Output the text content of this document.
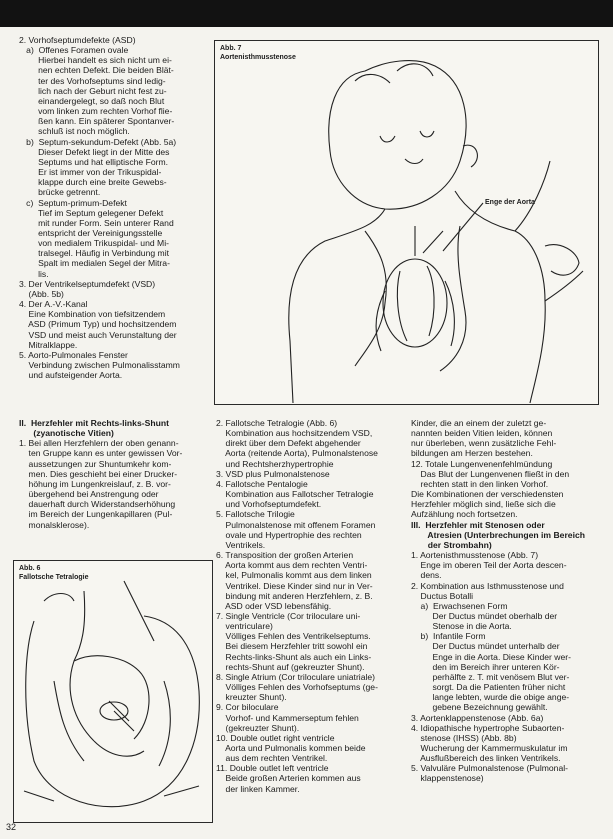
2. Vorhofseptumdefekte (ASD)

a)  Offenes Foramen ovale

Hierbei handelt es sich nicht um ei-

nen echten Defekt. Die beiden Blät-

ter des Vorhofseptums sind ledig-

lich nach der Geburt nicht fest zu-

einandergelegt, so daß noch Blut

vom linken zum rechten Vorhof flie-

ßen kann. Ein späterer Spontanver-

schluß ist noch möglich.

b)  Septum-sekundum-Defekt (Abb. 5a)

Dieser Defekt liegt in der Mitte des

Septums und hat elliptische Form.

Er ist immer von der Trikuspidal-

klappe durch eine breite Gewebs-

brücke getrennt.

c)  Septum-primum-Defekt

Tief im Septum gelegener Defekt

mit runder Form. Sein unterer Rand

entspricht der Vereinigungsstelle

von medialem Trikuspidal- und Mi-

tralsegel. Häufig in Verbindung mit

Spalt im medialen Segel der Mitra-

lis.

3. Der Ventrikelseptumdefekt (VSD)

(Abb. 5b)

4. Der A.-V.-Kanal

Eine Kombination von tiefsitzendem

ASD (Primum Typ) und hochsitzendem

VSD und meist auch Verunstaltung der

Mitralklappe.

5. Aorto-Pulmonales Fenster

Verbindung zwischen Pulmonalisstamm

und aufsteigender Aorta.

II.  Herzfehler mit Rechts-links-Shunt

(zyanotische Vitien)

1. Bei allen Herzfehlern der oben genann-

ten Gruppe kann es unter gewissen Vor-

aussetzungen zur Shuntumkehr kom-

men. Dies geschieht bei einer Drucker-

höhung im Lungenkreislauf, z. B. vor-

übergehend bei Anstrengung oder

dauerhaft durch Widerstandserhöhung

im Bereich der Lungenkapillaren (Pul-

monalsklerose).

2. Fallotsche Tetralogie (Abb. 6)

Kombination aus hochsitzendem VSD,

direkt über dem Defekt abgehender

Aorta (reitende Aorta), Pulmonalstenose

und Rechtsherzhypertrophie

3. VSD plus Pulmonalstenose

4. Fallotsche Pentalogie

Kombination aus Fallotscher Tetralogie

und Vorhofseptumdefekt.

5. Fallotsche Trilogie

Pulmonalstenose mit offenem Foramen

ovale und Hypertrophie des rechten

Ventrikels.

6. Transposition der großen Arterien

Aorta kommt aus dem rechten Ventri-

kel, Pulmonalis kommt aus dem linken

Ventrikel. Diese Kinder sind nur in Ver-

bindung mit anderen Herzfehlern, z. B.

ASD oder VSD lebensfähig.

7. Single Ventricle (Cor triloculare uni-

ventriculare)

Völliges Fehlen des Ventrikelseptums.

Bei diesem Herzfehler tritt sowohl ein

Rechts-links-Shunt als auch ein Links-

rechts-Shunt auf (gekreuzter Shunt).

8. Single Atrium (Cor triloculare uniatriale)

Völliges Fehlen des Vorhofseptums (ge-

kreuzter Shunt).

9. Cor biloculare

Vorhof- und Kammerseptum fehlen

(gekreuzter Shunt).

10. Double outlet right ventricle

Aorta und Pulmonalis kommen beide

aus dem rechten Ventrikel.

11. Double outlet left ventricle

Beide großen Arterien kommen aus

der linken Kammer.

Kinder, die an einem der zuletzt ge-

nannten beiden Vitien leiden, können

nur überleben, wenn zusätzliche Fehl-

bildungen am Herzen bestehen.

12. Totale Lungenvenenfehlmündung

Das Blut der Lungenvenen fließt in den

rechten statt in den linken Vorhof.

Die Kombinationen der verschiedensten

Herzfehler möglich sind, ließe sich die

Aufzählung noch fortsetzen.

III.  Herzfehler mit Stenosen oder

Atresien (Unterbrechungen im Bereich

der Strombahn)

1. Aortenisthmusstenose (Abb. 7)

Enge im oberen Teil der Aorta descen-

dens.

2. Kombination aus Isthmusstenose und

Ductus Botalli

a)  Erwachsenen Form

Der Ductus mündet oberhalb der

Stenose in die Aorta.

b)  Infantile Form

Der Ductus mündet unterhalb der

Enge in die Aorta. Diese Kinder wer-

den im Bereich ihrer unteren Kör-

perhälfte z. T. mit venösem Blut ver-

sorgt. Da die Patienten früher nicht

lange lebten, wurde die obige ange-

gebene Bezeichnung gewählt.

3. Aortenklappenstenose (Abb. 6a)

4. Idiopathische hypertrophe Subaorten-

stenose (IHSS) (Abb. 8b)

Wucherung der Kammermuskulatur im

Ausflußbereich des linken Ventrikels.

5. Valvuläre Pulmonalstenose (Pulmonal-

klappenstenose)

Abb. 7
Aortenisthmusstenose
Enge der Aorta
Abb. 6
Fallotsche Tetralogie
32
